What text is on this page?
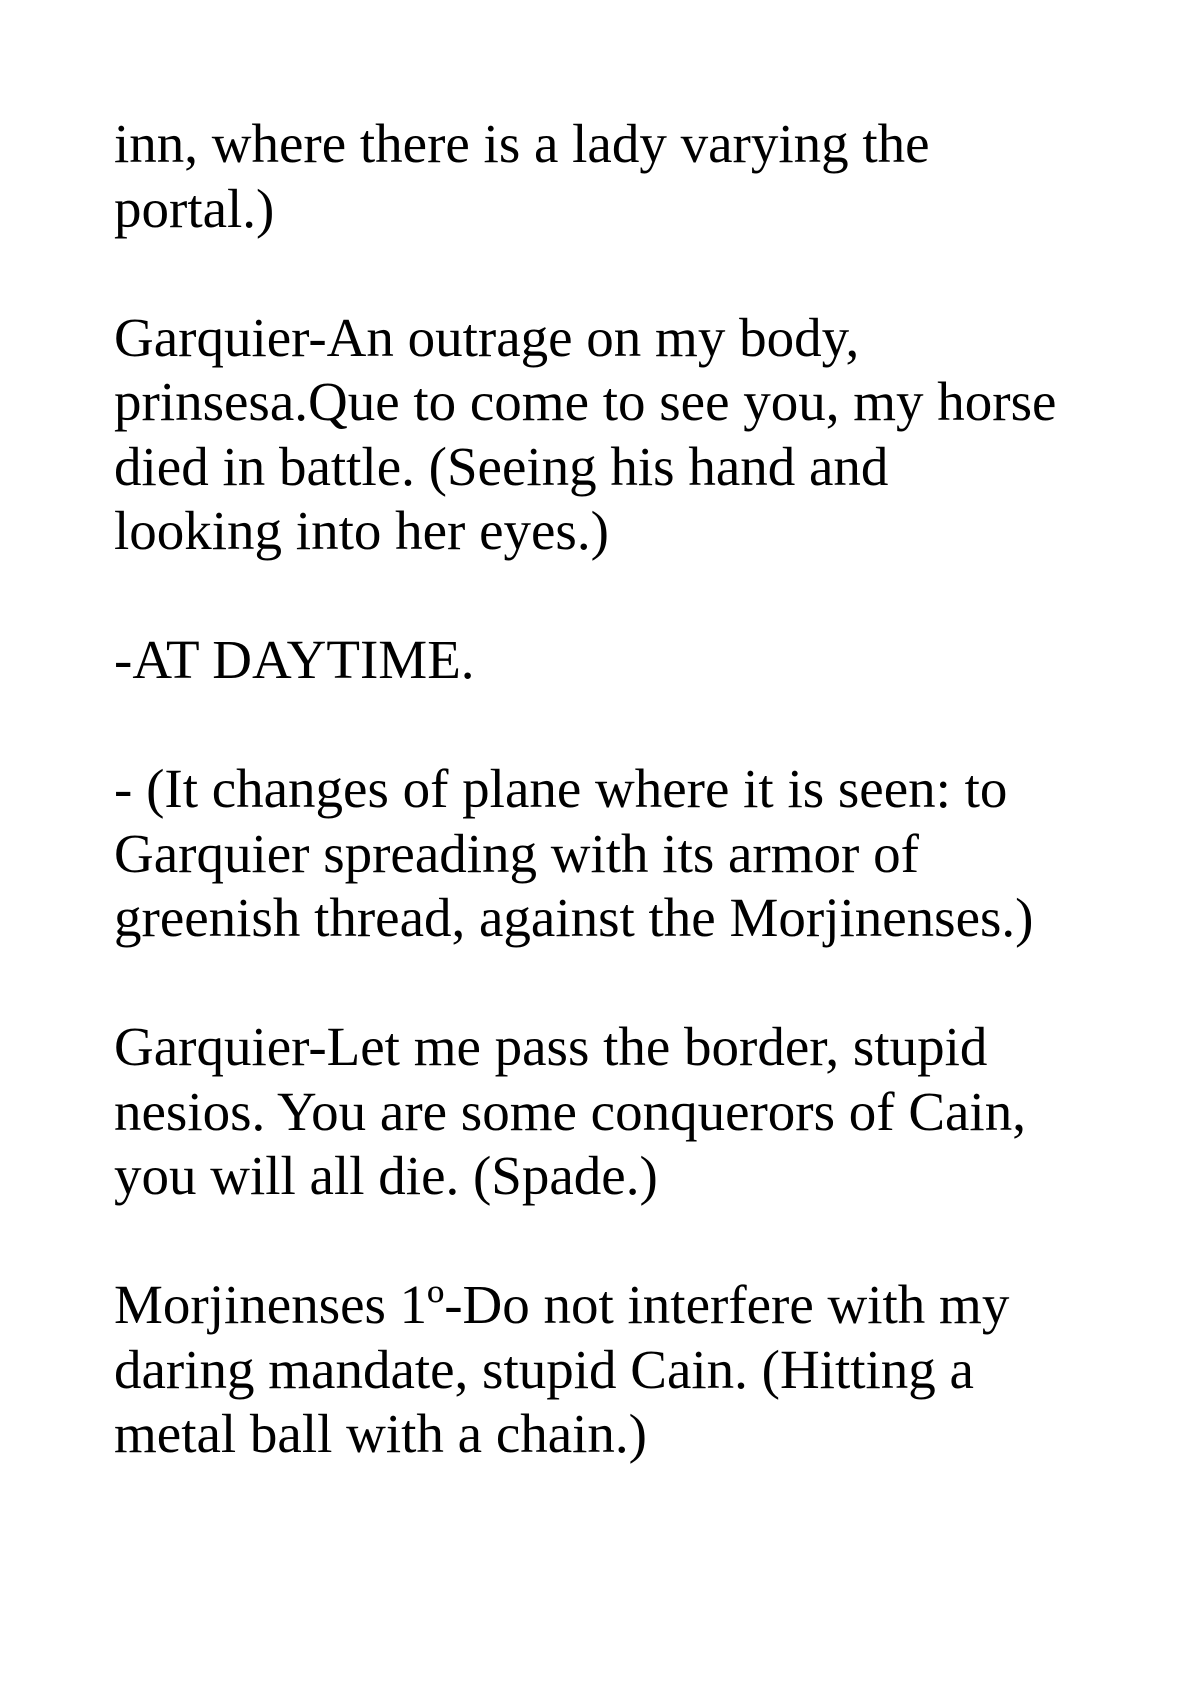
inn, where there is a lady varying the
portal.)

Garquier-An outrage on my body,
prinsesa.Que to come to see you, my horse
died in battle. (Seeing his hand and
looking into her eyes.)

-AT DAYTIME.

- (It changes of plane where it is seen: to
Garquier spreading with its armor of
greenish thread, against the Morjinenses.)

Garquier-Let me pass the border, stupid
nesios. You are some conquerors of Cain,
you will all die. (Spade.)

Morjinenses 1º-Do not interfere with my
daring mandate, stupid Cain. (Hitting a
metal ball with a chain.)
